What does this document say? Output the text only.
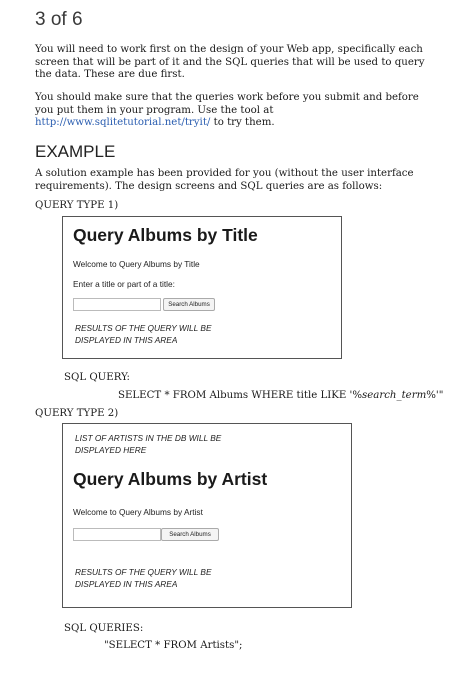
3 of 6
You will need to work first on the design of your Web app, specifically each screen that will be part of it and the SQL queries that will be used to query the data. These are due first.
You should make sure that the queries work before you submit and before you put them in your program. Use the tool at http://www.sqlitetutorial.net/tryit/ to try them.
EXAMPLE
A solution example has been provided for you (without the user interface requirements). The design screens and SQL queries are as follows:
QUERY TYPE 1)
Query Albums by Title
Welcome to Query Albums by Title
Enter a title or part of a title:
Search Albums
RESULTS OF THE QUERY WILL BE
DISPLAYED IN THIS AREA
SQL QUERY:
SELECT * FROM Albums WHERE title LIKE '%search_term%'"
QUERY TYPE 2)
LIST OF ARTISTS IN THE DB WILL BE
DISPLAYED HERE
Query Albums by Artist
Welcome to Query Albums by Artist
Search Albums
RESULTS OF THE QUERY WILL BE
DISPLAYED IN THIS AREA
SQL QUERIES:
"SELECT * FROM Artists";
